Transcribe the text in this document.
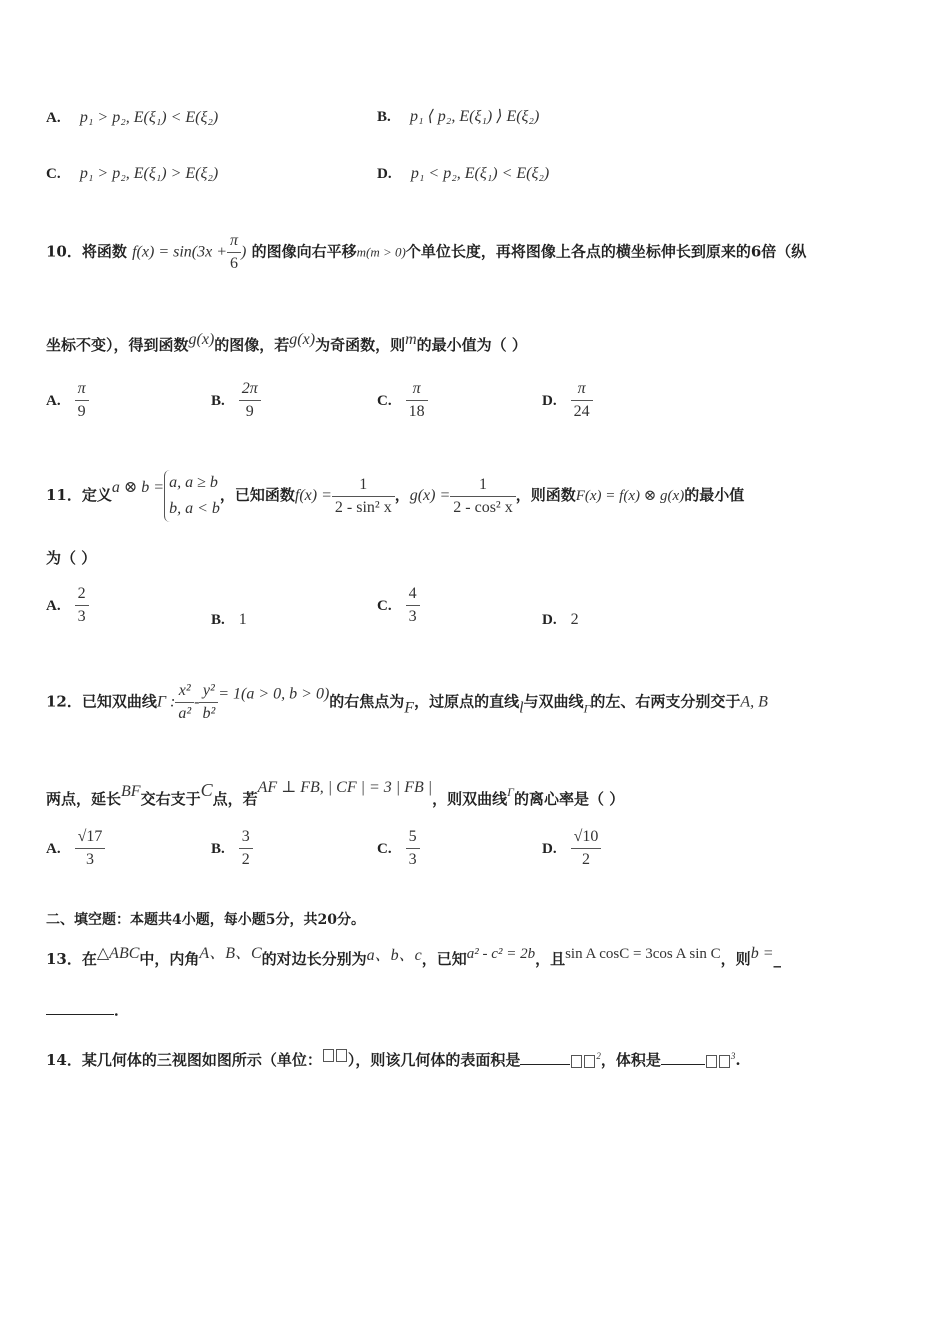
A. p₁ > p₂, E(ξ₁) < E(ξ₂)	B. p₁ ⟨ p₂, E(ξ₁) ⟩ E(ξ₂)
C. p₁ > p₂, E(ξ₁) > E(ξ₂)	D. p₁ < p₂, E(ξ₁) < E(ξ₂)
10．将函数 $f(x) = \sin(3x + \frac{\pi}{6}$ ) 的图像向右平移m(m > 0)个单位长度，再将图像上各点的横坐标伸长到原来的6倍（纵
坐标不变），得到函数g(x)的图像，若g(x)为奇函数，则m的最小值为（ ）
A. $\frac{\pi}{9}$	B. $\frac{2\pi}{9}$	C. $\frac{\pi}{18}$	D. $\frac{\pi}{24}$
11．定义a ⊗ b = a, a ≥ b
b, a < b
，已知函数$f(x) = \frac{1}{\text{2 - sin² x}}$ ，$g(x) = \frac{1}{\text{2 - cos² x}}$ ，则函数F(x) = f(x) ⊗ g(x)的最小值
为（ ）
A. $\frac{2}{3}$	B. 1
C. $\frac{4}{3}$	D. 2
12．已知双曲线Γ : $\frac{\text{x²}}{\text{a²}} - \frac{\text{y²}}{\text{b²}} = 1(a > 0$, b > 0)的右焦点为F，过原点的直线l与双曲线$_\Gamma$的左、右两支分别交于A, B
两点，延长BF交右支于C点，若AF ⊥ FB, | CF | = 3 | FB |，则双曲线$^\Gamma$的离心率是（ ）
A. $\frac{√17}{3}$	B. $\frac{3}{2}$	C. $\frac{5}{3}$	D. $\frac{√10}{2}$
二、填空题：本题共4小题，每小题5分，共20分。
13．在△ABC中，内角A、B、C的对边长分别为a、b、c，已知a² - c² = 2b，且sin A cosC = 3cos A sin C，则b =_
．
14．某几何体的三视图如图所示（单位： ），则该几何体的表面积是	$^2$，体积是	$^3$.
